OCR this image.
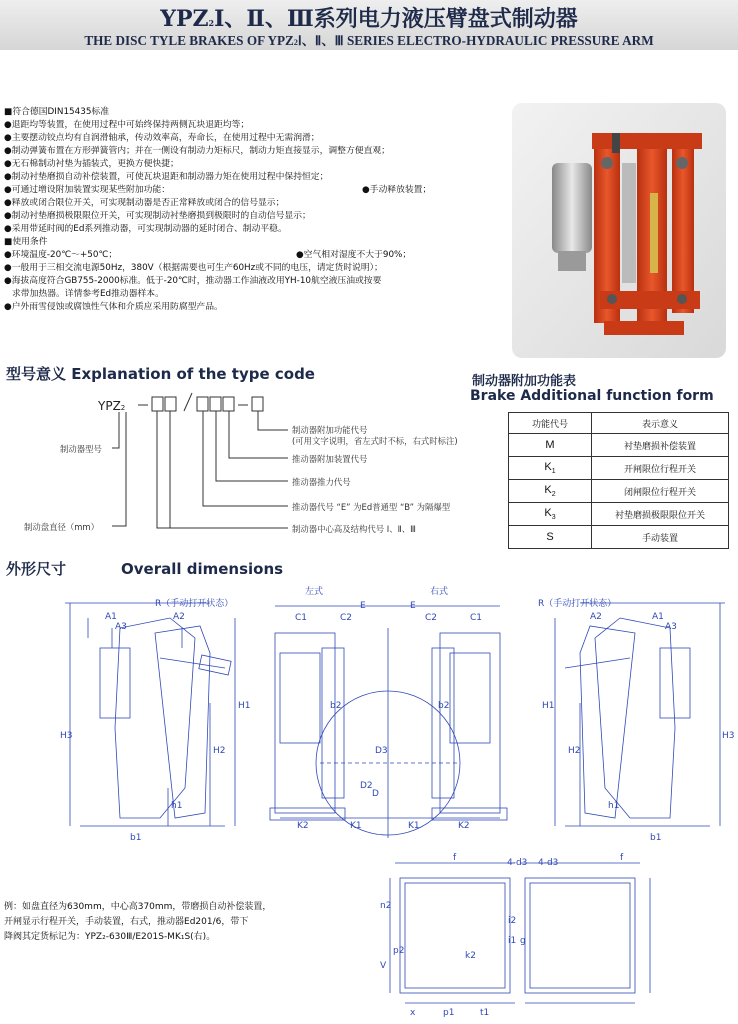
YPZ2Ⅰ、Ⅱ、Ⅲ系列电力液压臂盘式制动器
THE DISC TYLE BRAKES OF YPZ2Ⅰ、Ⅱ、Ⅲ SERIES ELECTRO-HYDRAULIC PRESSURE ARM
■符合德国DIN15435标准
●退距均等装置，在使用过程中可始终保持两侧瓦块退距均等；
●主要摆动铰点均有自润滑轴承，传动效率高，寿命长，在使用过程中无需润滑；
●制动弹簧布置在方形弹簧管内；并在一侧设有制动力矩标尺，制动力矩直接显示，调整方便直观；
●无石棉制动衬垫为插装式，更换方便快捷；
●制动衬垫磨损自动补偿装置，可使瓦块退距和制动器力矩在使用过程中保持恒定；
●可通过增设附加装置实现某些附加功能：	●手动释放装置；
●释放或闭合限位开关，可实现制动器是否正常释放或闭合的信号显示；
●制动衬垫磨损极限限位开关，可实现制动衬垫磨损到极限时的自动信号显示；
●采用带延时阀的Ed系列推动器，可实现制动器的延时闭合、制动平稳。
■使用条件
●环境温度-20℃～+50℃；	●空气相对湿度不大于90%；
●一般用于三相交流电源50Hz，380V（根据需要也可生产60Hz或不同的电压，请定货时说明）；
●海拔高度符合GB755-2000标准。低于-20℃时，推动器工作油液改用YH-10航空液压油或按要
求带加热器。详情参考Ed推动器样本。
●户外雨雪侵蚀或腐蚀性气体和介质应采用防腐型产品。
型号意义 Explanation of the type code
YPZ2
制动器型号
制动盘直径（mm）
制动器附加功能代号
(可用文字说明，省左式时不标，右式时标注)
推动器附加装置代号
推动器推力代号
推动器代号 “E” 为Ed普通型 “B” 为隔爆型
制动器中心高及结构代号 Ⅰ、Ⅱ、Ⅲ
制动器附加功能表
Brake Additional function form
功能代号	表示意义
M	衬垫磨损补偿装置
$K_1$	开闸限位行程开关
$K_2$	闭闸限位行程开关
$K_3$	衬垫磨损极限限位开关
S	手动装置
外形尺寸	Overall dimensions
左式	右式
R（手动打开状态）	R（手动打开状态）
A1	A2
A3
A2	A1
A3
C1	C2
E	E
C2	C1
D3
D2
D
b2	b2
K2	K1	K1	K2
H3
H1
H2
h1
b1
H1
H2
H3
h1
b1
f	f
4-d3 4-d3
n2
i2
i1 g
V
p2	k2
x	p1	t1
例：如盘直径为630mm，中心高370mm，带磨损自动补偿装置，
开闸显示行程开关，手动装置，右式，推动器Ed201/6，带下
降阀其定货标记为：YPZ₂-630Ⅲ/E201S-MK₁S(右)。
